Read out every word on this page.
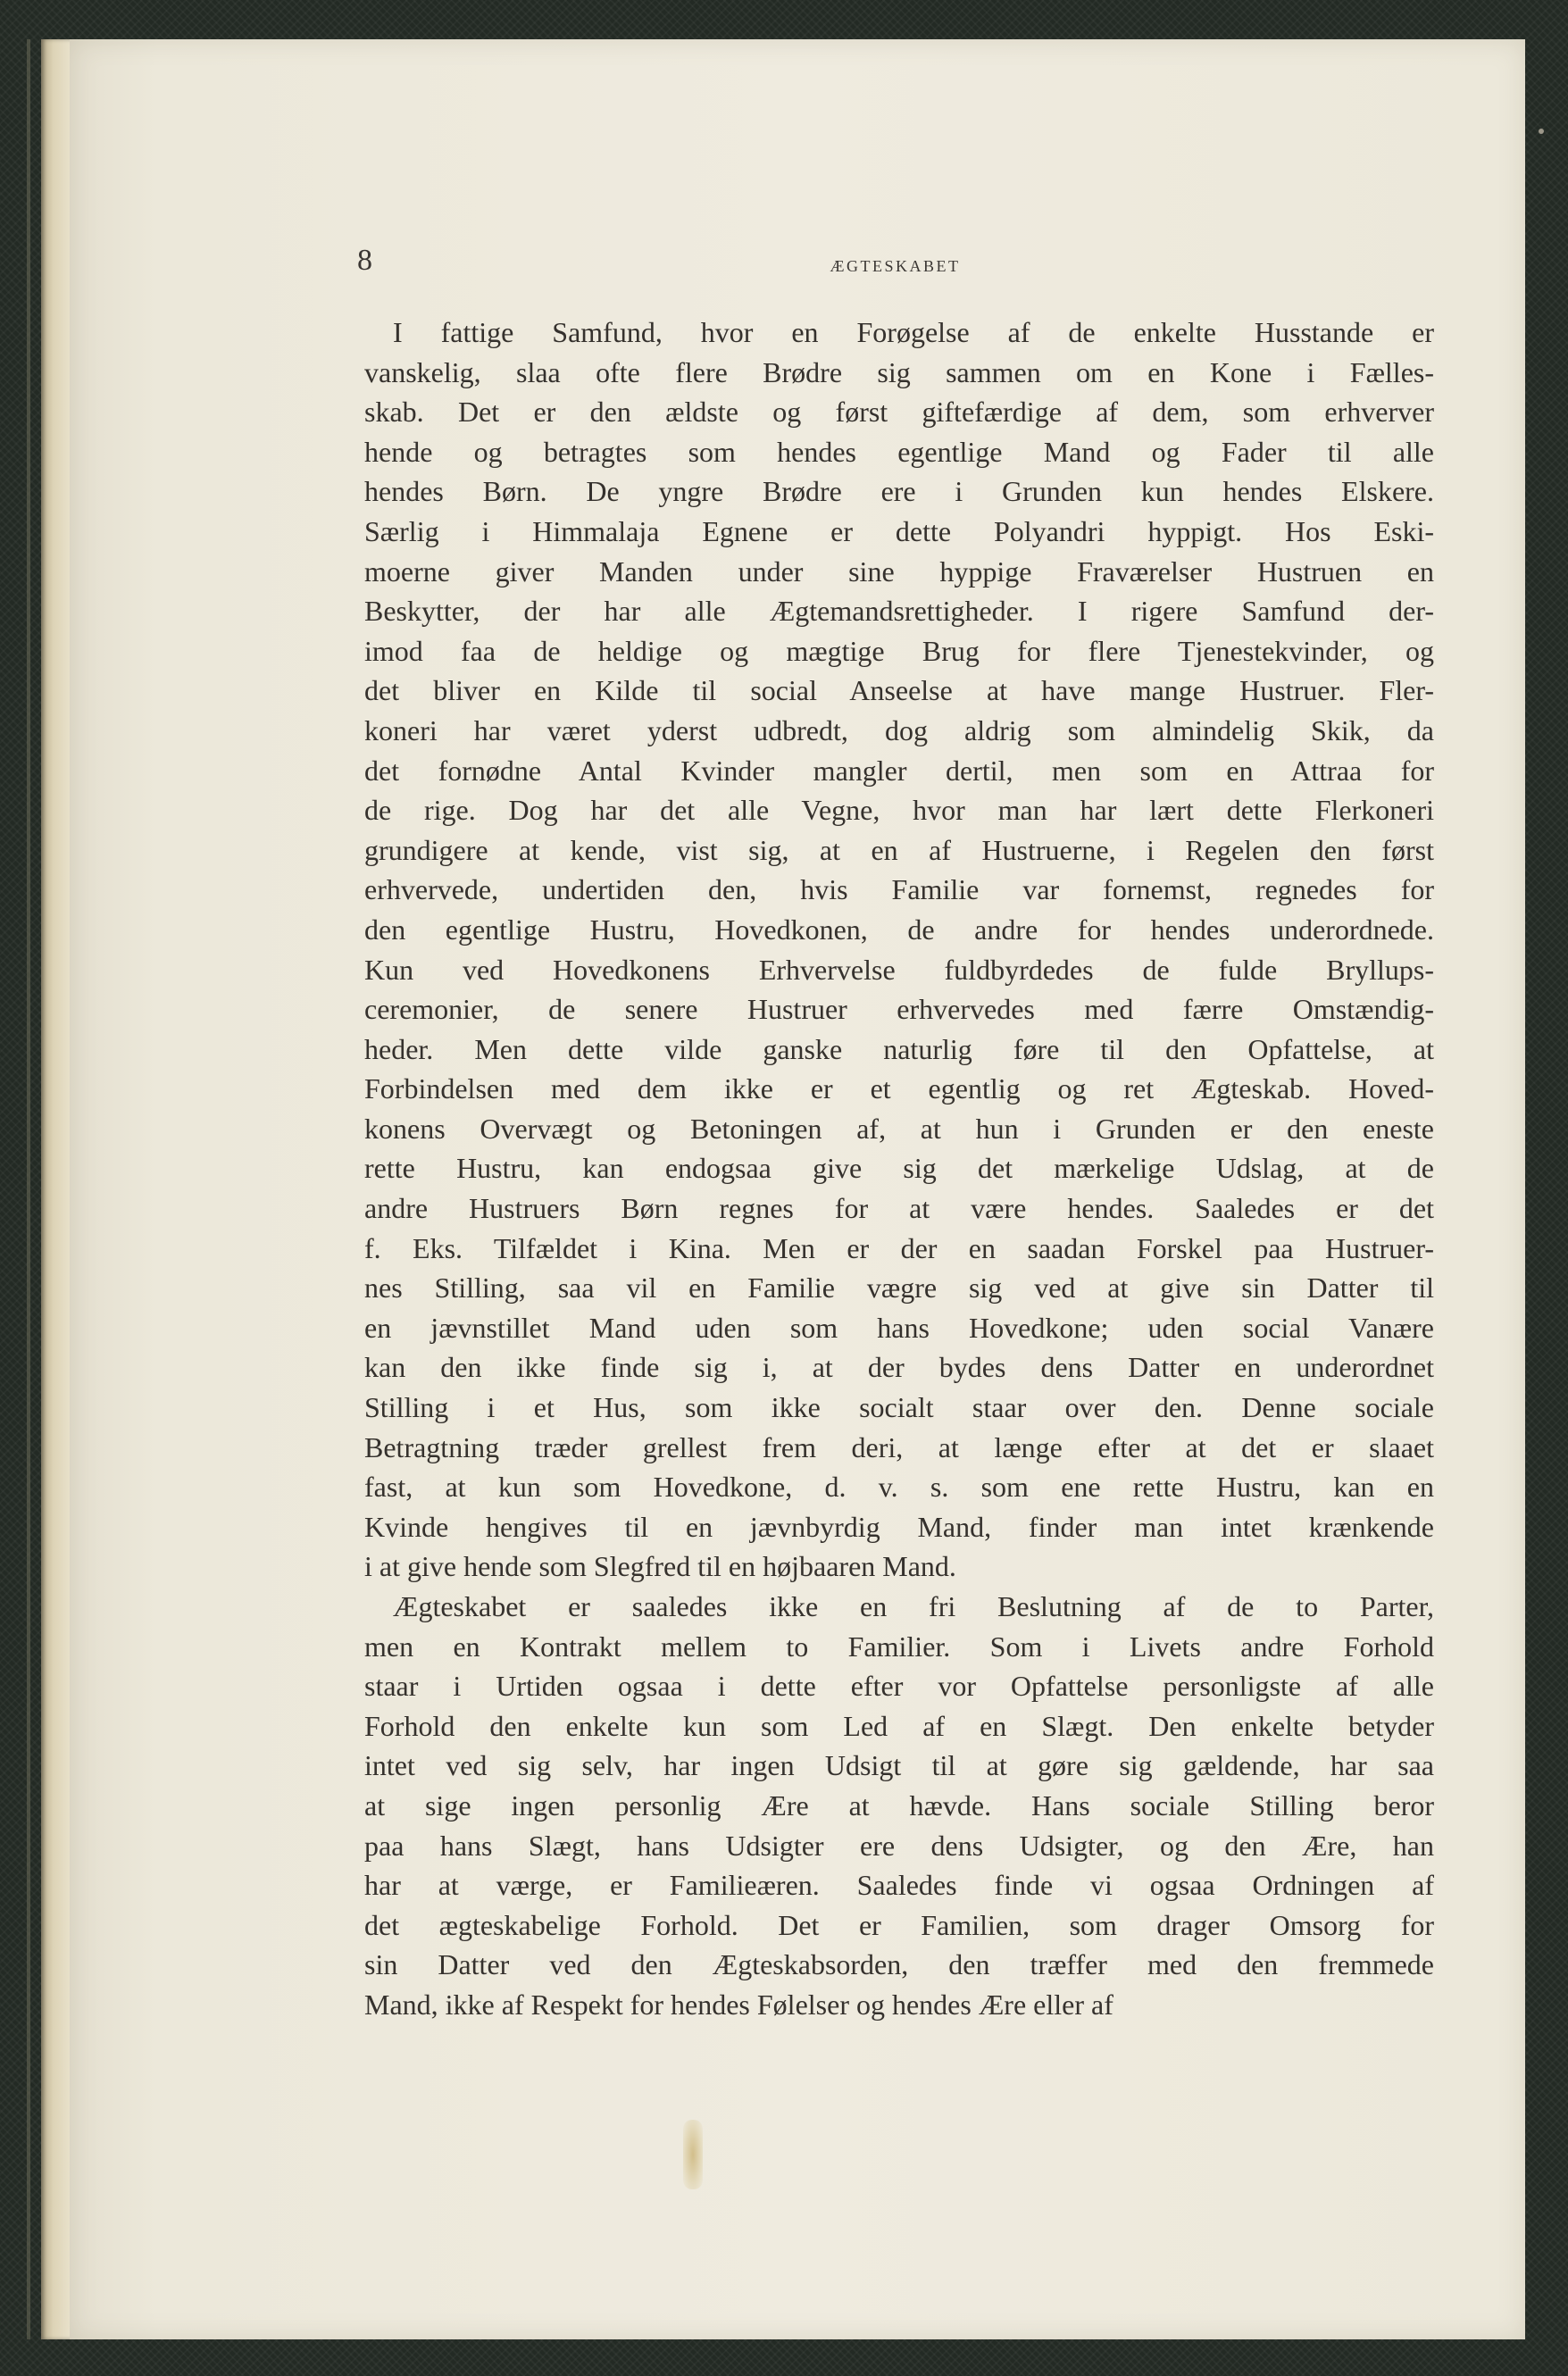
8	ÆGTESKABET
I fattige Samfund, hvor en Forøgelse af de enkelte Husstande er
vanskelig, slaa ofte flere Brødre sig sammen om en Kone i Fælles-
skab. Det er den ældste og først giftefærdige af dem, som erhverver
hende og betragtes som hendes egentlige Mand og Fader til alle
hendes Børn. De yngre Brødre ere i Grunden kun hendes Elskere.
Særlig i Himmalaja Egnene er dette Polyandri hyppigt. Hos Eski-
moerne giver Manden under sine hyppige Fraværelser Hustruen en
Beskytter, der har alle Ægtemandsrettigheder. I rigere Samfund der-
imod faa de heldige og mægtige Brug for flere Tjenestekvinder, og
det bliver en Kilde til social Anseelse at have mange Hustruer. Fler-
koneri har været yderst udbredt, dog aldrig som almindelig Skik, da
det fornødne Antal Kvinder mangler dertil, men som en Attraa for
de rige. Dog har det alle Vegne, hvor man har lært dette Flerkoneri
grundigere at kende, vist sig, at en af Hustruerne, i Regelen den først
erhvervede, undertiden den, hvis Familie var fornemst, regnedes for
den egentlige Hustru, Hovedkonen, de andre for hendes underordnede.
Kun ved Hovedkonens Erhvervelse fuldbyrdedes de fulde Bryllups-
ceremonier, de senere Hustruer erhvervedes med færre Omstændig-
heder. Men dette vilde ganske naturlig føre til den Opfattelse, at
Forbindelsen med dem ikke er et egentlig og ret Ægteskab. Hoved-
konens Overvægt og Betoningen af, at hun i Grunden er den eneste
rette Hustru, kan endogsaa give sig det mærkelige Udslag, at de
andre Hustruers Børn regnes for at være hendes. Saaledes er det
f. Eks. Tilfældet i Kina. Men er der en saadan Forskel paa Hustruer-
nes Stilling, saa vil en Familie vægre sig ved at give sin Datter til
en jævnstillet Mand uden som hans Hovedkone; uden social Vanære
kan den ikke finde sig i, at der bydes dens Datter en underordnet
Stilling i et Hus, som ikke socialt staar over den. Denne sociale
Betragtning træder grellest frem deri, at længe efter at det er slaaet
fast, at kun som Hovedkone, d. v. s. som ene rette Hustru, kan en
Kvinde hengives til en jævnbyrdig Mand, finder man intet krænkende
i at give hende som Slegfred til en højbaaren Mand.
Ægteskabet er saaledes ikke en fri Beslutning af de to Parter,
men en Kontrakt mellem to Familier. Som i Livets andre Forhold
staar i Urtiden ogsaa i dette efter vor Opfattelse personligste af alle
Forhold den enkelte kun som Led af en Slægt. Den enkelte betyder
intet ved sig selv, har ingen Udsigt til at gøre sig gældende, har saa
at sige ingen personlig Ære at hævde. Hans sociale Stilling beror
paa hans Slægt, hans Udsigter ere dens Udsigter, og den Ære, han
har at værge, er Familieæren. Saaledes finde vi ogsaa Ordningen af
det ægteskabelige Forhold. Det er Familien, som drager Omsorg for
sin Datter ved den Ægteskabsorden, den træffer med den fremmede
Mand, ikke af Respekt for hendes Følelser og hendes Ære eller af
